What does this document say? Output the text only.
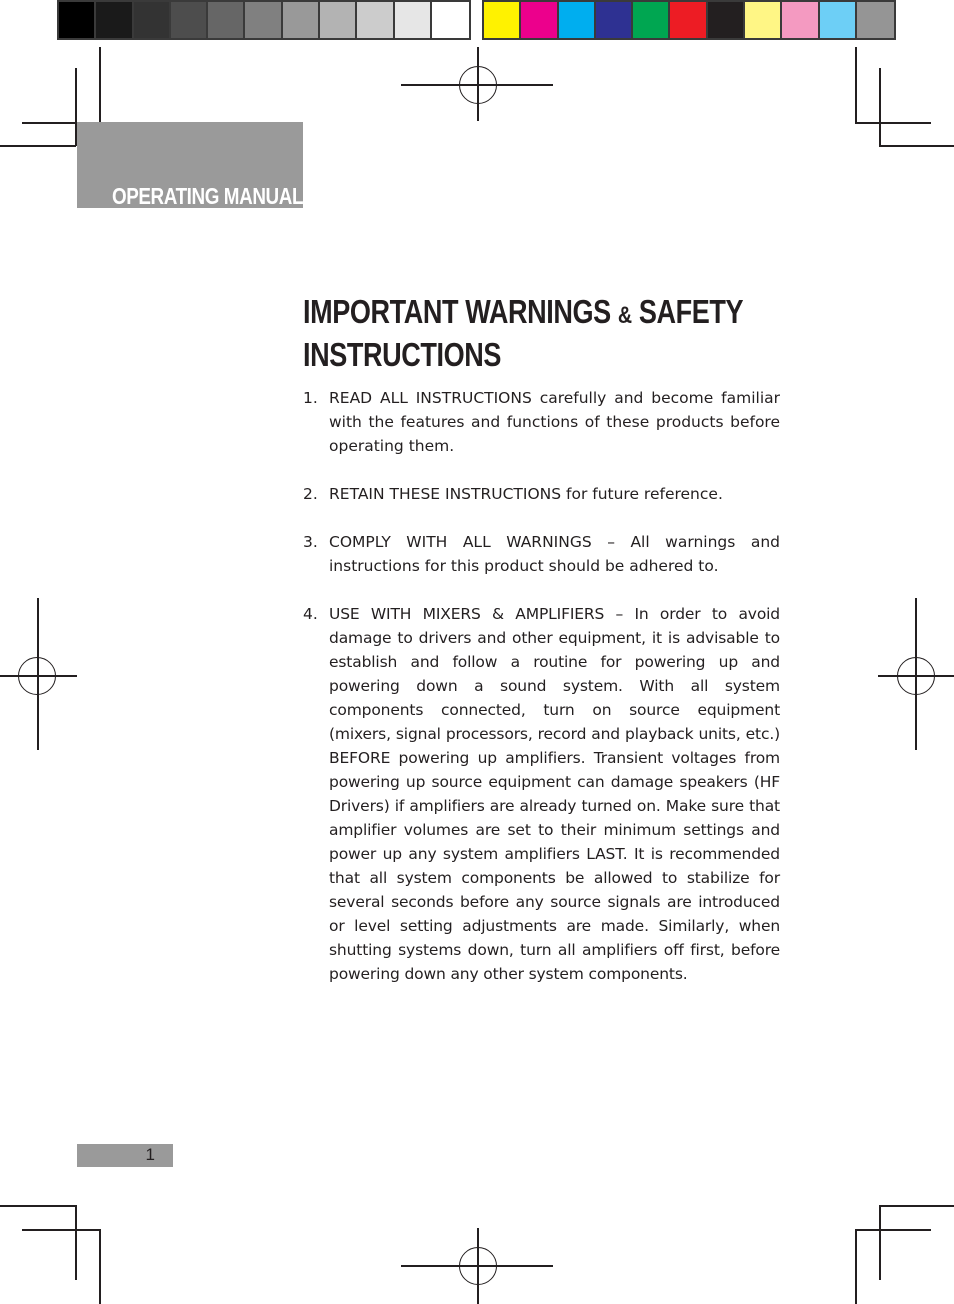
OPERATING MANUAL
IMPORTANT WARNINGS & SAFETY
INSTRUCTIONS
1. READ ALL INSTRUCTIONS carefully and become familiar with the features and functions of these products before operating them.
2. RETAIN THESE INSTRUCTIONS for future reference.
3. COMPLY WITH ALL WARNINGS – All warnings and instructions for this product should be adhered to.
4. USE WITH MIXERS & AMPLIFIERS – In order to avoid damage to drivers and other equipment, it is advisable to establish and follow a routine for powering up and powering down a sound system. With all system components connected, turn on source equipment (mixers, signal processors, record and playback units, etc.) BEFORE powering up amplifiers. Transient voltages from powering up source equipment can damage speakers (HF Drivers) if amplifiers are already turned on. Make sure that amplifier volumes are set to their minimum settings and power up any system amplifiers LAST. It is recommended that all system components be allowed to stabilize for several seconds before any source signals are introduced or level setting adjustments are made. Similarly, when shutting systems down, turn all amplifiers off first, before powering down any other system components.
1
